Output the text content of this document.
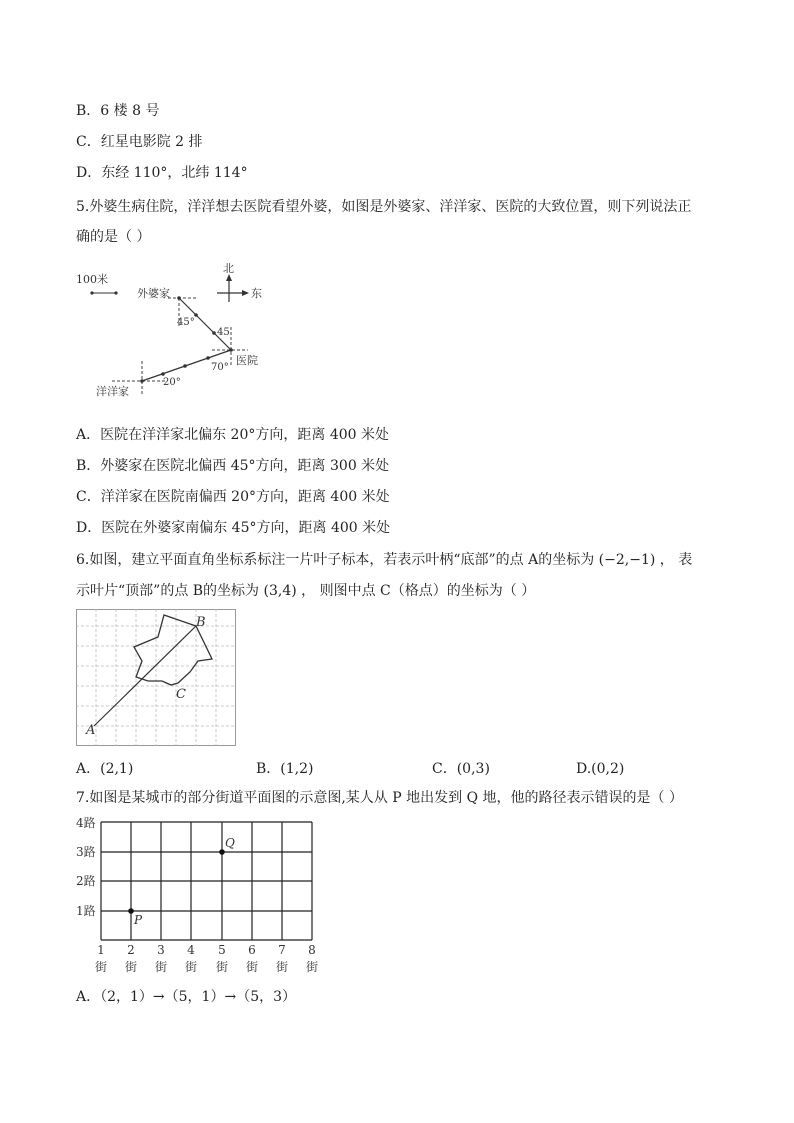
B．6 楼 8 号
C．红星电影院 2 排
D．东经 110°，北纬 114°
5.外婆生病住院，洋洋想去医院看望外婆，如图是外婆家、洋洋家、医院的大致位置，则下列说法正
确的是（ ）
100米
北
东
外婆家
45°
45
医院
70°
20°
洋洋家
A．医院在洋洋家北偏东 20°方向，距离 400 米处
B．外婆家在医院北偏西 45°方向，距离 300 米处
C．洋洋家在医院南偏西 20°方向，距离 400 米处
D．医院在外婆家南偏东 45°方向，距离 400 米处
6.如图，建立平面直角坐标系标注一片叶子标本，若表示叶柄“底部”的点 A的坐标为 (−2,−1) ， 表
示叶片“顶部”的点 B的坐标为 (3,4) ， 则图中点 C（格点）的坐标为（ ）
A
B
C
A．(2,1)	B．(1,2)	C．(0,3)	D.(0,2)
7.如图是某城市的部分街道平面图的示意图,某人从 P 地出发到 Q 地，他的路径表示错误的是（ ）
4路
3路
2路
1路
1 2 3 4 5 6 7 8
街 街 街 街 街 街 街 街
P
Q
A．（2，1）→（5，1）→（5，3）
